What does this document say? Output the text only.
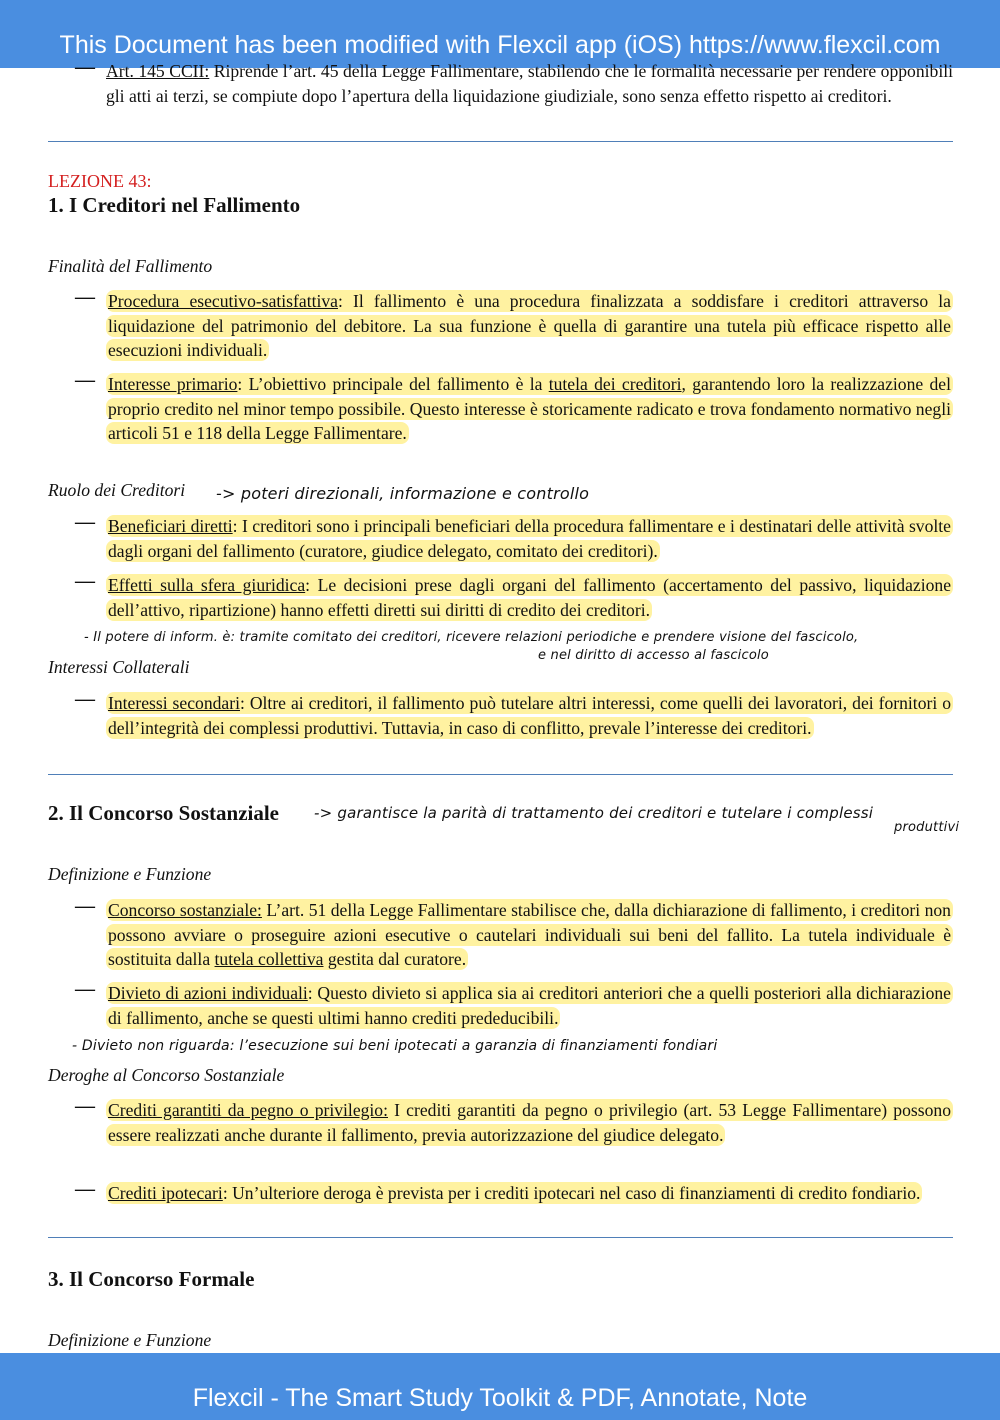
This Document has been modified with Flexcil app (iOS) https://www.flexcil.com
— Art. 145 CCII: Riprende l’art. 45 della Legge Fallimentare, stabilendo che le formalità necessarie per rendere opponibili gli atti ai terzi, se compiute dopo l’apertura della liquidazione giudiziale, sono senza effetto rispetto ai creditori.
LEZIONE 43:
1. I Creditori nel Fallimento
Finalità del Fallimento
— Procedura esecutivo-satisfattiva: Il fallimento è una procedura finalizzata a soddisfare i creditori attraverso la liquidazione del patrimonio del debitore. La sua funzione è quella di garantire una tutela più efficace rispetto alle esecuzioni individuali.
— Interesse primario: L’obiettivo principale del fallimento è la tutela dei creditori, garantendo loro la realizzazione del proprio credito nel minor tempo possibile. Questo interesse è storicamente radicato e trova fondamento normativo negli articoli 51 e 118 della Legge Fallimentare.
Ruolo dei Creditori -> poteri direzionali, informazione e controllo
— Beneficiari diretti: I creditori sono i principali beneficiari della procedura fallimentare e i destinatari delle attività svolte dagli organi del fallimento (curatore, giudice delegato, comitato dei creditori).
— Effetti sulla sfera giuridica: Le decisioni prese dagli organi del fallimento (accertamento del passivo, liquidazione dell’attivo, ripartizione) hanno effetti diretti sui diritti di credito dei creditori.
- Il potere di inform. è: tramite comitato dei creditori, ricevere relazioni periodiche e prendere visione del fascicolo,
e nel diritto di accesso al fascicolo
Interessi Collaterali
— Interessi secondari: Oltre ai creditori, il fallimento può tutelare altri interessi, come quelli dei lavoratori, dei fornitori o dell’integrità dei complessi produttivi. Tuttavia, in caso di conflitto, prevale l’interesse dei creditori.
2. Il Concorso Sostanziale -> garantisce la parità di trattamento dei creditori e tutelare i complessi
produttivi
Definizione e Funzione
— Concorso sostanziale: L’art. 51 della Legge Fallimentare stabilisce che, dalla dichiarazione di fallimento, i creditori non possono avviare o proseguire azioni esecutive o cautelari individuali sui beni del fallito. La tutela individuale è sostituita dalla tutela collettiva gestita dal curatore.
— Divieto di azioni individuali: Questo divieto si applica sia ai creditori anteriori che a quelli posteriori alla dichiarazione di fallimento, anche se questi ultimi hanno crediti prededucibili.
- Divieto non riguarda: l’esecuzione sui beni ipotecati a garanzia di finanziamenti fondiari
Deroghe al Concorso Sostanziale
— Crediti garantiti da pegno o privilegio: I crediti garantiti da pegno o privilegio (art. 53 Legge Fallimentare) possono essere realizzati anche durante il fallimento, previa autorizzazione del giudice delegato.
— Crediti ipotecari: Un’ulteriore deroga è prevista per i crediti ipotecari nel caso di finanziamenti di credito fondiario.
3. Il Concorso Formale
Definizione e Funzione
Flexcil - The Smart Study Toolkit & PDF, Annotate, Note
